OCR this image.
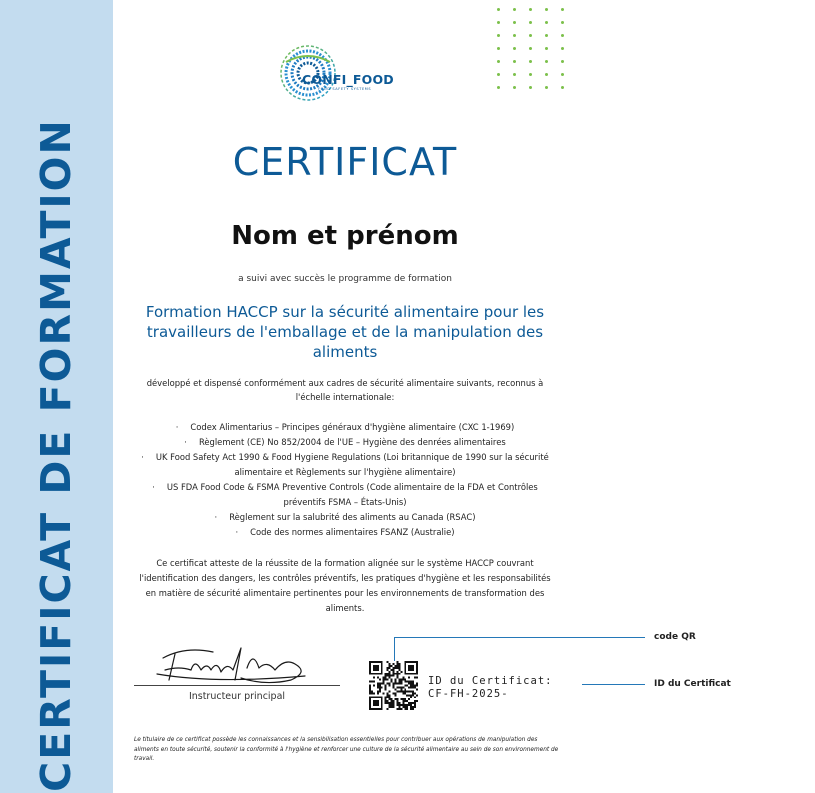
CERTIFICAT DE FORMATION
CONFI_FOOD
FOOD SAFETY SYSTEMS
CERTIFICAT
Nom et prénom
a suivi avec succès le programme de formation
Formation HACCP sur la sécurité alimentaire pour les travailleurs de l'emballage et de la manipulation des aliments
développé et dispensé conformément aux cadres de sécurité alimentaire suivants, reconnus à l'échelle internationale:
· Codex Alimentarius – Principes généraux d'hygiène alimentaire (CXC 1-1969)
· Règlement (CE) No 852/2004 de l'UE – Hygiène des denrées alimentaires
· UK Food Safety Act 1990 & Food Hygiene Regulations (Loi britannique de 1990 sur la sécurité alimentaire et Règlements sur l'hygiène alimentaire)
· US FDA Food Code & FSMA Preventive Controls (Code alimentaire de la FDA et Contrôles préventifs FSMA – États-Unis)
· Règlement sur la salubrité des aliments au Canada (RSAC)
· Code des normes alimentaires FSANZ (Australie)
Ce certificat atteste de la réussite de la formation alignée sur le système HACCP couvrant l'identification des dangers, les contrôles préventifs, les pratiques d'hygiène et les responsabilités en matière de sécurité alimentaire pertinentes pour les environnements de transformation des aliments.
Instructeur principal
ID du Certificat:
CF-FH-2025-
code QR
ID du Certificat
Le titulaire de ce certificat possède les connaissances et la sensibilisation essentielles pour contribuer aux opérations de manipulation des aliments en toute sécurité, soutenir la conformité à l'hygiène et renforcer une culture de la sécurité alimentaire au sein de son environnement de travail.
